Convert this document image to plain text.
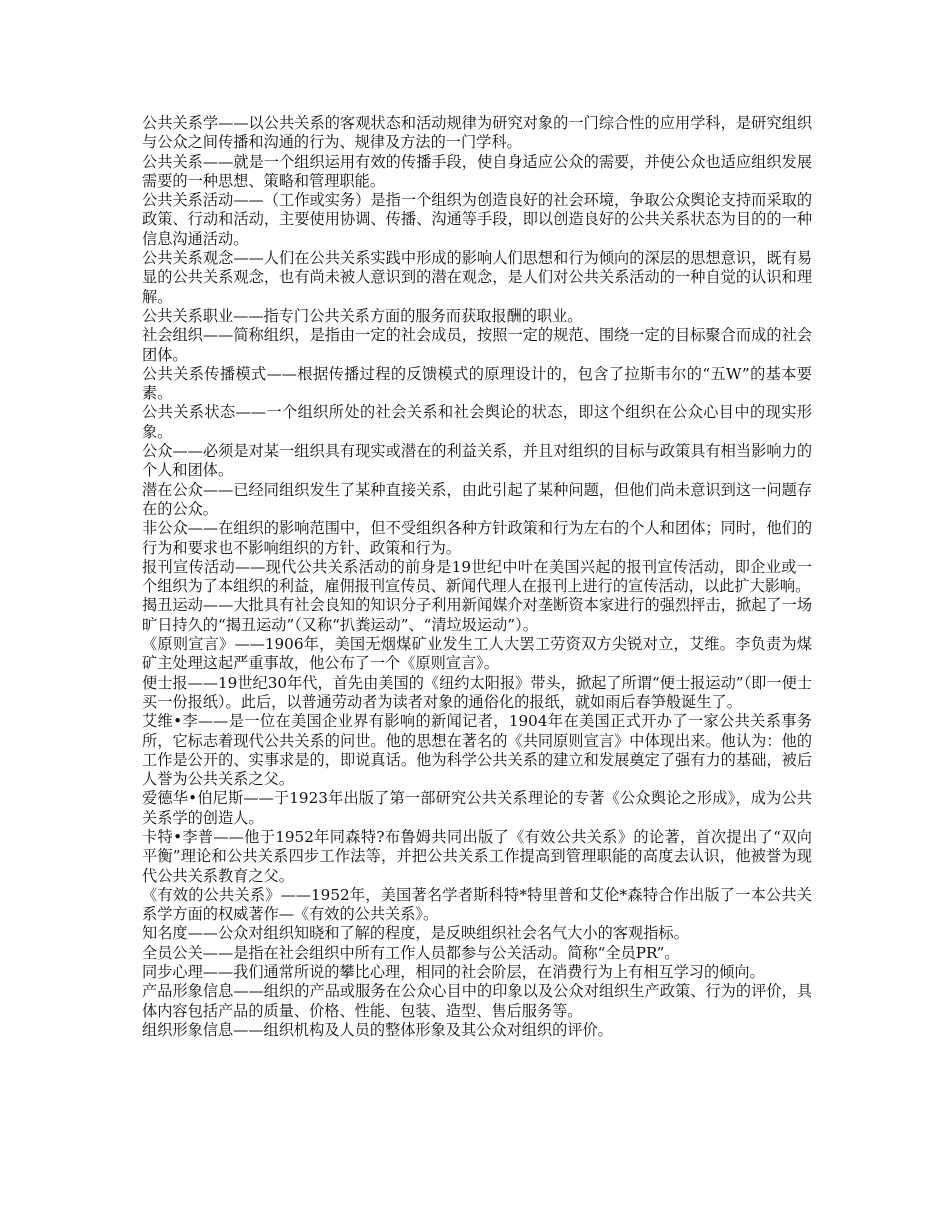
公共关系学——以公共关系的客观状态和活动规律为研究对象的一门综合性的应用学科，是研究组织与公众之间传播和沟通的行为、规律及方法的一门学科。

公共关系——就是一个组织运用有效的传播手段，使自身适应公众的需要，并使公众也适应组织发展需要的一种思想、策略和管理职能。

公共关系活动——（工作或实务）是指一个组织为创造良好的社会环境，争取公众舆论支持而采取的政策、行动和活动，主要使用协调、传播、沟通等手段，即以创造良好的公共关系状态为目的的一种信息沟通活动。

公共关系观念——人们在公共关系实践中形成的影响人们思想和行为倾向的深层的思想意识，既有易显的公共关系观念，也有尚未被人意识到的潜在观念，是人们对公共关系活动的一种自觉的认识和理解。

公共关系职业——指专门公共关系方面的服务而获取报酬的职业。

社会组织——简称组织，是指由一定的社会成员，按照一定的规范、围绕一定的目标聚合而成的社会团体。

公共关系传播模式——根据传播过程的反馈模式的原理设计的，包含了拉斯韦尔的“五W”的基本要素。

公共关系状态——一个组织所处的社会关系和社会舆论的状态，即这个组织在公众心目中的现实形象。

公众——必须是对某一组织具有现实或潜在的利益关系，并且对组织的目标与政策具有相当影响力的个人和团体。

潜在公众——已经同组织发生了某种直接关系，由此引起了某种问题，但他们尚未意识到这一问题存在的公众。

非公众——在组织的影响范围中，但不受组织各种方针政策和行为左右的个人和团体；同时，他们的行为和要求也不影响组织的方针、政策和行为。

报刊宣传活动——现代公共关系活动的前身是19世纪中叶在美国兴起的报刊宣传活动，即企业或一个组织为了本组织的利益，雇佣报刊宣传员、新闻代理人在报刊上进行的宣传活动，以此扩大影响。

揭丑运动——大批具有社会良知的知识分子利用新闻媒介对垄断资本家进行的强烈抨击，掀起了一场旷日持久的“揭丑运动”（又称“扒粪运动”、“清垃圾运动”）。

《原则宣言》——1906年，美国无烟煤矿业发生工人大罢工劳资双方尖锐对立，艾维。李负责为煤矿主处理这起严重事故，他公布了一个《原则宣言》。

便士报——19世纪30年代，首先由美国的《纽约太阳报》带头，掀起了所谓“便士报运动”（即一便士买一份报纸）。此后，以普通劳动者为读者对象的通俗化的报纸，就如雨后春笋般诞生了。

艾维•李——是一位在美国企业界有影响的新闻记者，1904年在美国正式开办了一家公共关系事务所，它标志着现代公共关系的问世。他的思想在著名的《共同原则宣言》中体现出来。他认为：他的工作是公开的、实事求是的，即说真话。他为科学公共关系的建立和发展奠定了强有力的基础，被后人誉为公共关系之父。

爱德华•伯尼斯——于1923年出版了第一部研究公共关系理论的专著《公众舆论之形成》，成为公共关系学的创造人。

卡特•李普——他于1952年同森特?布鲁姆共同出版了《有效公共关系》的论著，首次提出了“双向平衡”理论和公共关系四步工作法等，并把公共关系工作提高到管理职能的高度去认识，他被誉为现代公共关系教育之父。

《有效的公共关系》——1952年，美国著名学者斯科特*特里普和艾伦*森特合作出版了一本公共关系学方面的权威著作—《有效的公共关系》。

知名度——公众对组织知晓和了解的程度，是反映组织社会名气大小的客观指标。

全员公关——是指在社会组织中所有工作人员都参与公关活动。简称“全员PR”。

同步心理——我们通常所说的攀比心理，相同的社会阶层，在消费行为上有相互学习的倾向。

产品形象信息——组织的产品或服务在公众心目中的印象以及公众对组织生产政策、行为的评价，具体内容包括产品的质量、价格、性能、包装、造型、售后服务等。

组织形象信息——组织机构及人员的整体形象及其公众对组织的评价。
